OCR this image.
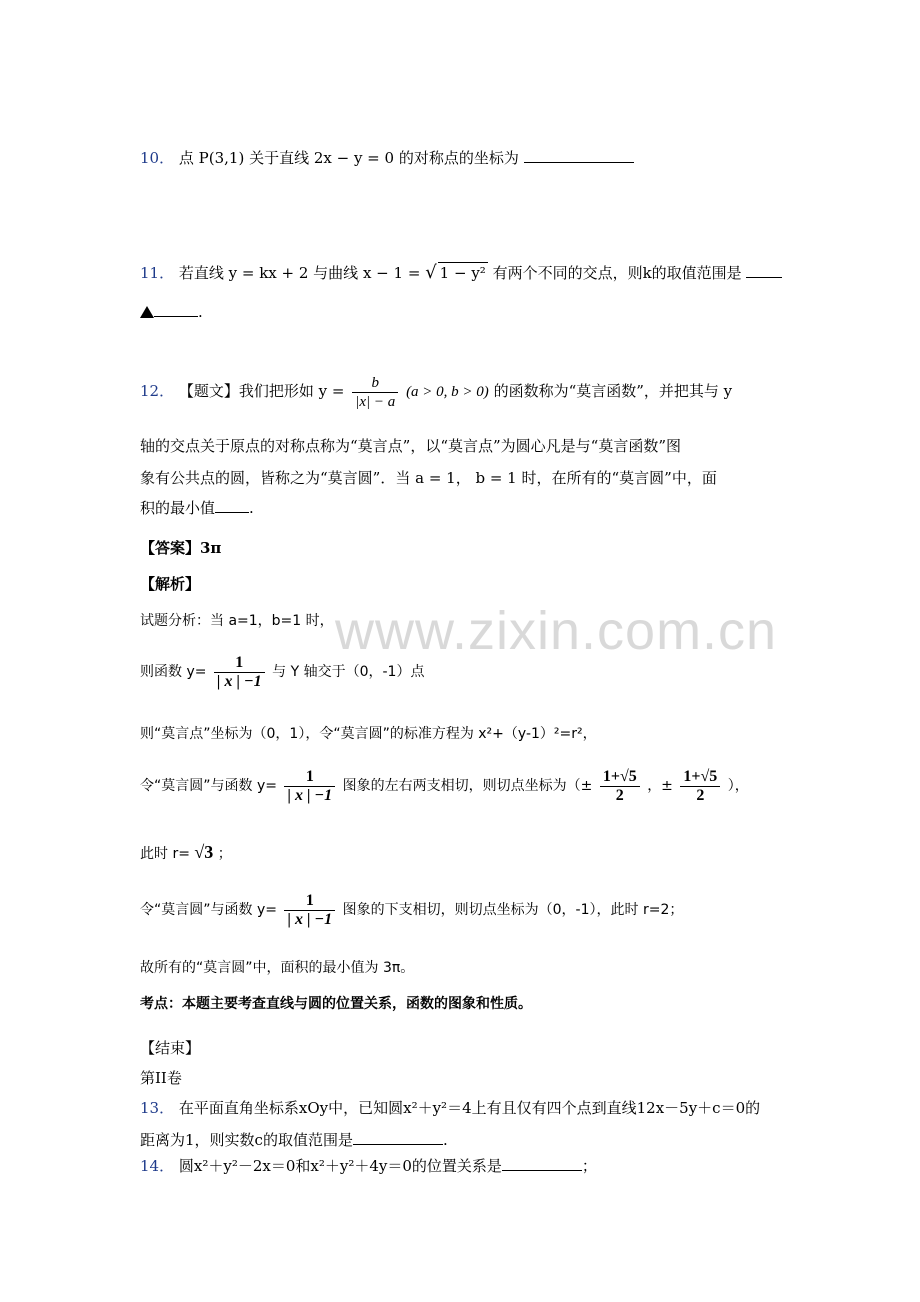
www.zixin.com.cn
10． 点 P(3,1) 关于直线 2x − y = 0 的对称点的坐标为
11． 若直线 y = kx + 2 与曲线 x − 1 = √ 1 − y² 有两个不同的交点，则k的取值范围是
.
12． 【题文】我们把形如 $y = \frac{b}{|x| - a} (a > 0$, b > 0) 的函数称为“莫言函数”，并把其与 y
轴的交点关于原点的对称点称为“莫言点”，以“莫言点”为圆心凡是与“莫言函数”图
象有公共点的圆，皆称之为“莫言圆”．当 a = 1， b = 1 时，在所有的“莫言圆”中，面
积的最小值 .
【答案】3π
【解析】
试题分析：当 a=1，b=1 时，
则函数 $y= \frac{1}{| x | -1}$ 与 Y 轴交于（0，-1）点
则“莫言点”坐标为（0，1），令“莫言圆”的标准方程为 x²+（y-1）²=r²，
令“莫言圆”与函数 $y= \frac{1}{| x | -1}$ 图象的左右两支相切，则切点坐标为（± $\frac{1+√5}{2}$ ，± $\frac{1+√5}{2}$ ），
此时 r= √3 ；
令“莫言圆”与函数 $y= \frac{1}{| x | -1}$ 图象的下支相切，则切点坐标为（0，-1），此时 r=2；
故所有的“莫言圆”中，面积的最小值为 3π。
考点：本题主要考查直线与圆的位置关系，函数的图象和性质。
【结束】
第II卷
13． 在平面直角坐标系xOy中，已知圆x²＋y²＝4上有且仅有四个点到直线12x－5y＋c＝0的
距离为1，则实数c的取值范围是	.
14． 圆x²＋y²－2x＝0和x²＋y²＋4y＝0的位置关系是	；
